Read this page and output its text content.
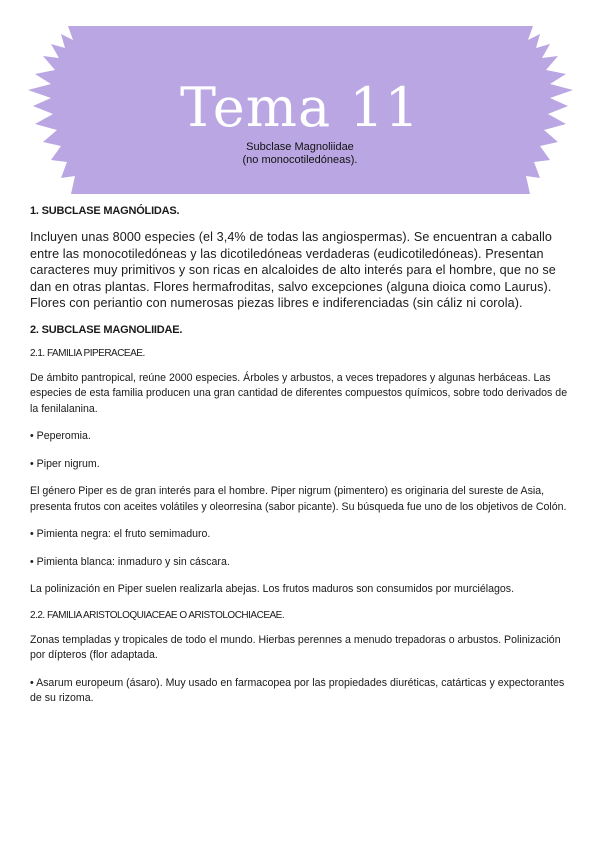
Tema 11
Subclase Magnoliidae
(no monocotiledóneas).
1. SUBCLASE MAGNÓLIDAS.
Incluyen unas 8000 especies (el 3,4% de todas las angiospermas). Se encuentran a caballo entre las monocotiledóneas y las dicotiledóneas verdaderas (eudicotiledóneas). Presentan caracteres muy primitivos y son ricas en alcaloides de alto interés para el hombre, que no se dan en otras plantas. Flores hermafroditas, salvo excepciones (alguna dioica como Laurus). Flores con periantio con numerosas piezas libres e indiferenciadas (sin cáliz ni corola).
2. SUBCLASE MAGNOLIIDAE.
2.1. FAMILIA PIPERACEAE.
De ámbito pantropical, reúne 2000 especies. Árboles y arbustos, a veces trepadores y algunas herbáceas. Las especies de esta familia producen una gran cantidad de diferentes compuestos químicos, sobre todo derivados de la fenilalanina.
• Peperomia.
• Piper nigrum.
El género Piper es de gran interés para el hombre. Piper nigrum (pimentero) es originaria del sureste de Asia, presenta frutos con aceites volátiles y oleorresina (sabor picante). Su búsqueda fue uno de los objetivos de Colón.
• Pimienta negra: el fruto semimaduro.
• Pimienta blanca: inmaduro y sin cáscara.
La polinización en Piper suelen realizarla abejas. Los frutos maduros son consumidos por murciélagos.
2.2. FAMILIA ARISTOLOQUIACEAE O ARISTOLOCHIACEAE.
Zonas templadas y tropicales de todo el mundo. Hierbas perennes a menudo trepadoras o arbustos. Polinización por dípteros (flor adaptada.
• Asarum europeum (ásaro). Muy usado en farmacopea por las propiedades diuréticas, catárticas y expectorantes de su rizoma.
